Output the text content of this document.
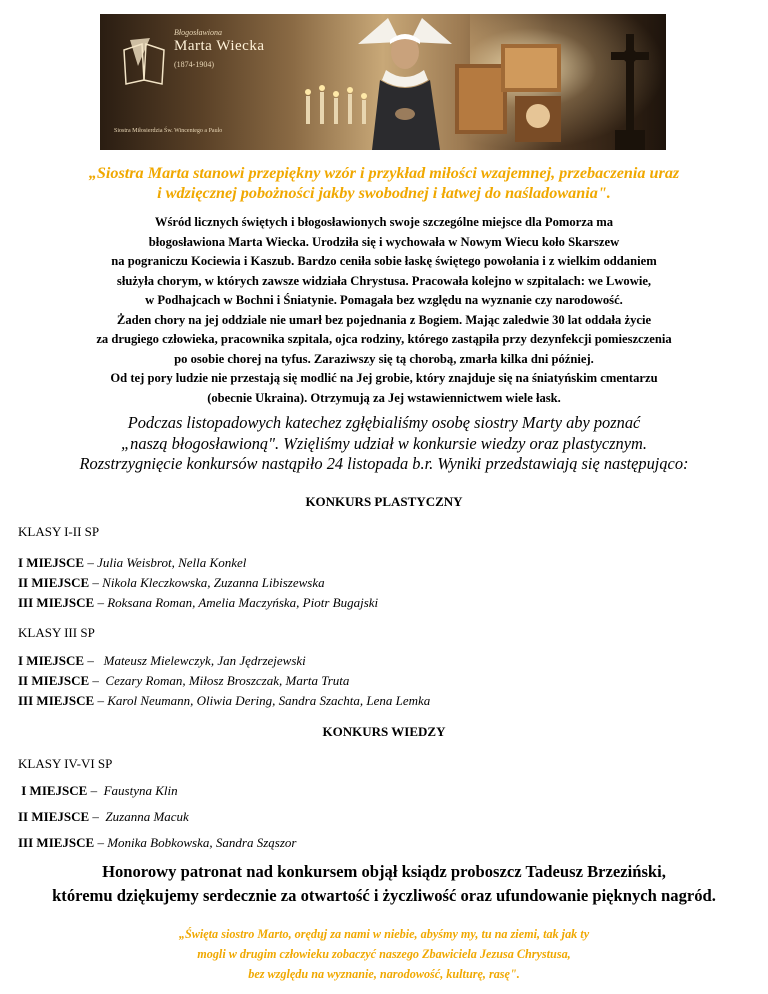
Błogosławiona
Marta Wiecka
(1874-1904)
Siostra Miłosierdzia Św. Wincentego a Paulo
„Siostra Marta stanowi przepiękny wzór i przykład miłości wzajemnej, przebaczenia uraz
i wdzięcznej pobożności jakby swobodnej i łatwej do naśladowania".
Wśród licznych świętych i błogosławionych swoje szczególne miejsce dla Pomorza ma
błogosławiona Marta Wiecka. Urodziła się i wychowała w Nowym Wiecu koło Skarszew
na pograniczu Kociewia i Kaszub. Bardzo ceniła sobie łaskę świętego powołania i z wielkim oddaniem
służyła chorym, w których zawsze widziała Chrystusa. Pracowała kolejno w szpitalach: we Lwowie,
w Podhajcach w Bochni i Śniatynie. Pomagała bez względu na wyznanie czy narodowość.
Żaden chory na jej oddziale nie umarł bez pojednania z Bogiem. Mając zaledwie 30 lat oddała życie
za drugiego człowieka, pracownika szpitala, ojca rodziny, którego zastąpiła przy dezynfekcji pomieszczenia
po osobie chorej na tyfus. Zaraziwszy się tą chorobą, zmarła kilka dni później.
Od tej pory ludzie nie przestają się modlić na Jej grobie, który znajduje się na śniatyńskim cmentarzu
(obecnie Ukraina). Otrzymują za Jej wstawiennictwem wiele łask.
Podczas listopadowych katechez zgłębialiśmy osobę siostry Marty aby poznać
„naszą błogosławioną". Wzięliśmy udział w konkursie wiedzy oraz plastycznym.
Rozstrzygnięcie konkursów nastąpiło 24 listopada b.r. Wyniki przedstawiają się następująco:
KONKURS PLASTYCZNY
KLASY I-II SP
I MIEJSCE – Julia Weisbrot, Nella Konkel
II MIEJSCE – Nikola Kleczkowska, Zuzanna Libiszewska
III MIEJSCE – Roksana Roman, Amelia Maczyńska, Piotr Bugajski
KLASY III SP
I MIEJSCE –   Mateusz Mielewczyk, Jan Jędrzejewski
II MIEJSCE –  Cezary Roman, Miłosz Broszczak, Marta Truta
III MIEJSCE – Karol Neumann, Oliwia Dering, Sandra Szachta, Lena Lemka
KONKURS WIEDZY
KLASY IV-VI SP
I MIEJSCE –  Faustyna Klin
II MIEJSCE –  Zuzanna Macuk
III MIEJSCE – Monika Bobkowska, Sandra Sząszor
Honorowy patronat nad konkursem objął ksiądz proboszcz Tadeusz Brzeziński,
któremu dziękujemy serdecznie za otwartość i życzliwość oraz ufundowanie pięknych nagród.
„Święta siostro Marto, orędųj za nami w niebie, abyśmy my, tu na ziemi, tak jak ty
mogli w drugim człowieku zobaczyć naszego Zbawiciela Jezusa Chrystusa,
bez względu na wyznanie, narodowość, kulturę, rasę".
